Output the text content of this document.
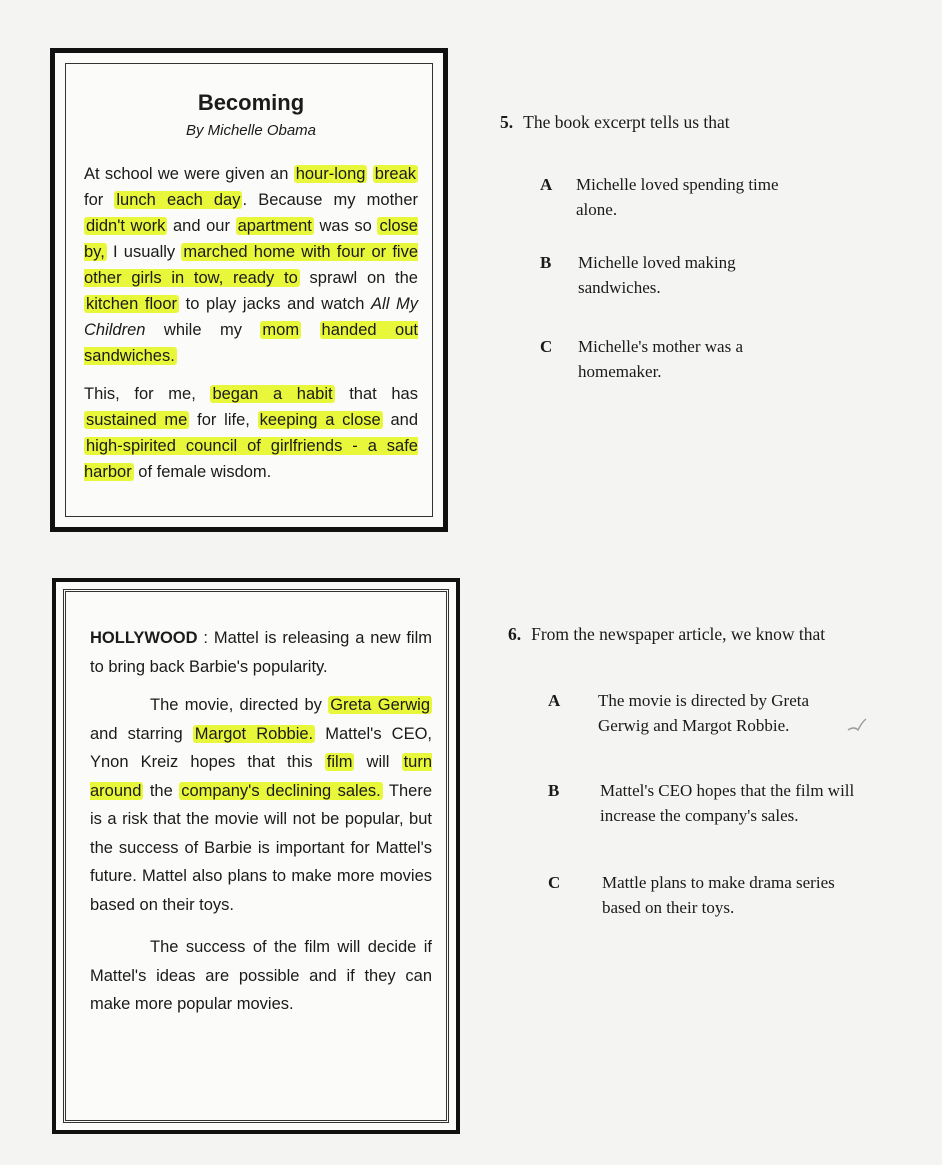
Becoming
By Michelle Obama
At school we were given an hour-long break for lunch each day . Because my mother didn't work and our apartment was so close by, I usually marched home with four or five other girls in tow, ready to sprawl on the kitchen floor to play jacks and watch All My Children while my mom handed out sandwiches.
This, for me, began a habit that has sustained me for life, keeping a close and high-spirited council of girlfriends - a safe harbor of female wisdom.
5. The book excerpt tells us that
A Michelle loved spending time
alone.
B Michelle loved making
sandwiches.
C Michelle's mother was a
homemaker.

HOLLYWOOD : Mattel is releasing a new film to bring back Barbie's popularity.

The movie, directed by Greta Gerwig and starring Margot Robbie. Mattel's CEO, Ynon Kreiz hopes that this film will turn around the company's declining sales. There is a risk that the movie will not be popular, but the success of Barbie is important for Mattel's future. Mattel also plans to make more movies based on their toys.

The success of the film will decide if Mattel's ideas are possible and if they can make more popular movies.

6. From the newspaper article, we know that
A The movie is directed by Greta
Gerwig and Margot Robbie.
B Mattel's CEO hopes that the film will
increase the company's sales.
C Mattle plans to make drama series
based on their toys.
